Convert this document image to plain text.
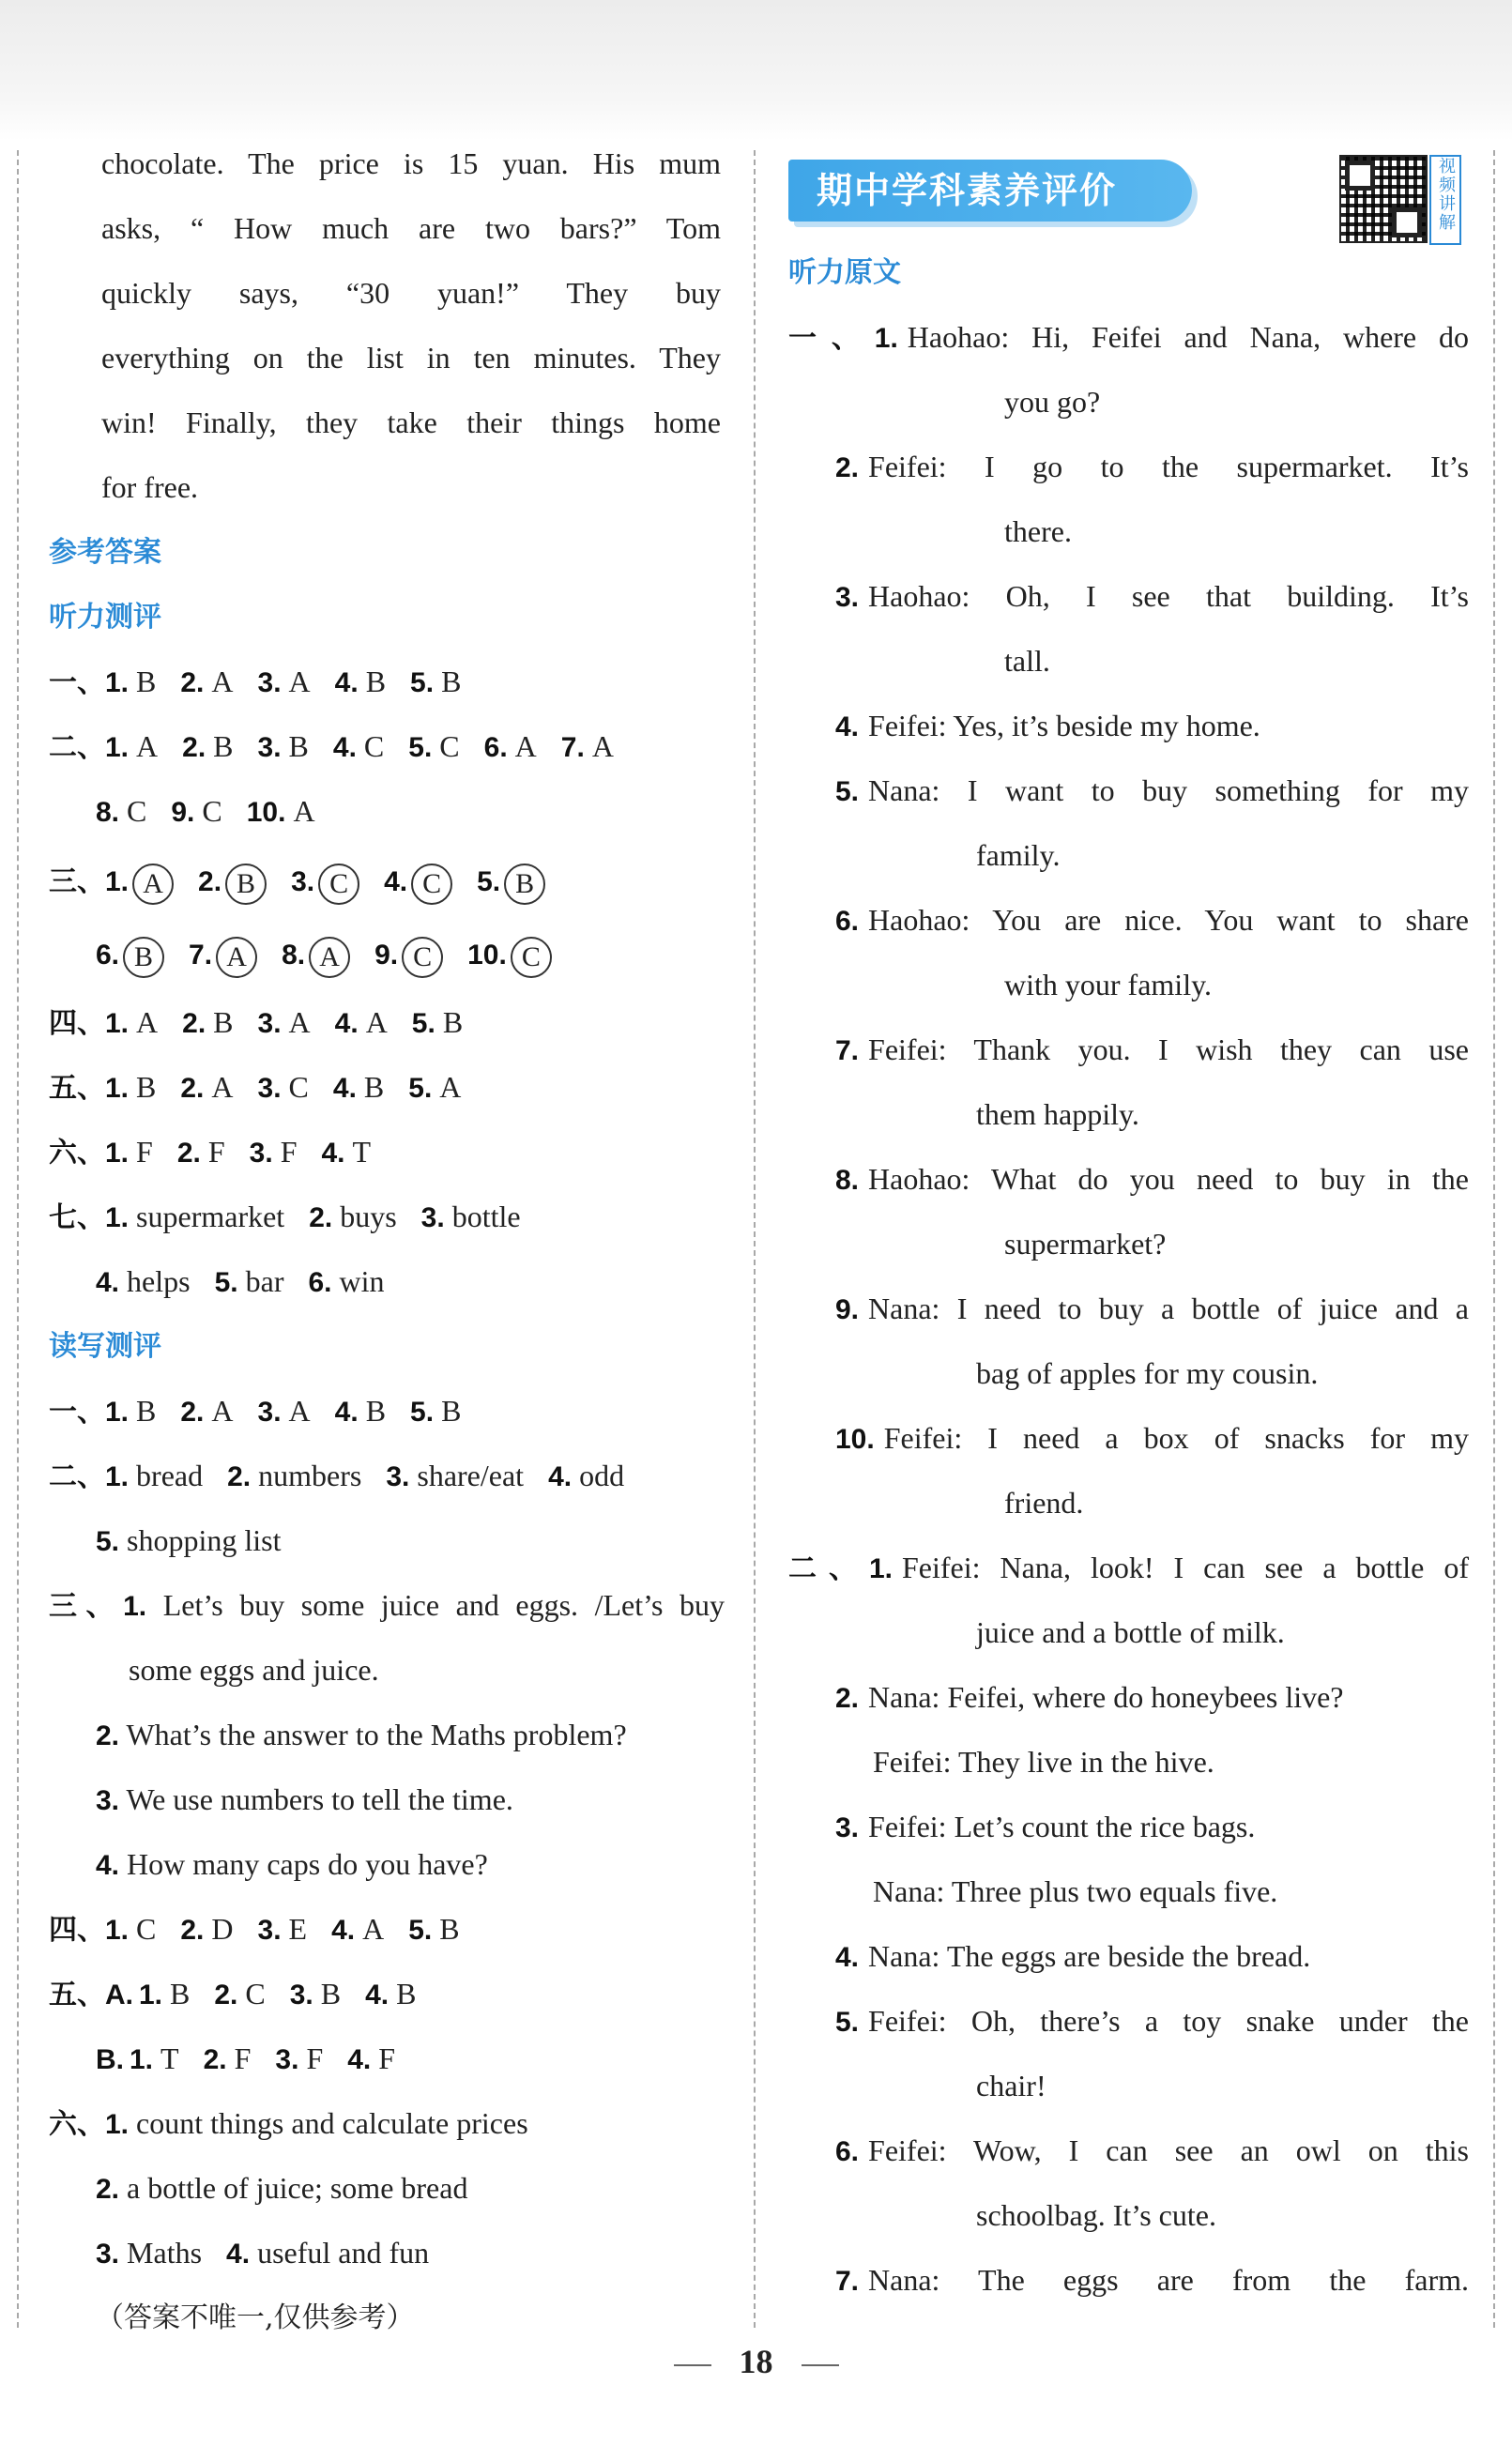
chocolate. The price is 15 yuan. His mum
asks, “ How much are two bars?” Tom
quickly says, “30 yuan!” They buy
everything on the list in ten minutes. They
win! Finally, they take their things home
for free.
参考答案
听力测评
一、1. B 2. A 3. A 4. B 5. B
二、1. A 2. B 3. B 4. C 5. C 6. A 7. A
8. C 9. C 10. A
三、1. A 2. B 3. C 4. C 5. B
6. B 7. A 8. A 9. C 10. C
四、1. A 2. B 3. A 4. A 5. B
五、1. B 2. A 3. C 4. B 5. A
六、1. F 2. F 3. F 4. T
七、1. supermarket 2. buys 3. bottle
4. helps 5. bar 6. win
读写测评
一、1. B 2. A 3. A 4. B 5. B
二、1. bread 2. numbers 3. share/eat 4. odd
5. shopping list
三、1. Let’s buy some juice and eggs. /Let’s buy
some eggs and juice.
2. What’s the answer to the Maths problem?
3. We use numbers to tell the time.
4. How many caps do you have?
四、1. C 2. D 3. E 4. A 5. B
五、A. 1. B 2. C 3. B 4. B
B. 1. T 2. F 3. F 4. F
六、1. count things and calculate prices
2. a bottle of juice; some bread
3. Maths 4. useful and fun
（答案不唯一,仅供参考）
期中学科素养评价
听力原文
一、1. Haohao: Hi, Feifei and Nana, where do
you go?
2. Feifei: I go to the supermarket. It’s
there.
3. Haohao: Oh, I see that building. It’s
tall.
4. Feifei: Yes, it’s beside my home.
5. Nana: I want to buy something for my
family.
6. Haohao: You are nice. You want to share
with your family.
7. Feifei: Thank you. I wish they can use
them happily.
8. Haohao: What do you need to buy in the
supermarket?
9. Nana: I need to buy a bottle of juice and a
bag of apples for my cousin.
10. Feifei: I need a box of snacks for my
friend.
二、1. Feifei: Nana, look! I can see a bottle of
juice and a bottle of milk.
2. Nana: Feifei, where do honeybees live?
Feifei: They live in the hive.
3. Feifei: Let’s count the rice bags.
Nana: Three plus two equals five.
4. Nana: The eggs are beside the bread.
5. Feifei: Oh, there’s a toy snake under the
chair!
6. Feifei: Wow, I can see an owl on this
schoolbag. It’s cute.
7. Nana: The eggs are from the farm.
视频讲解
18
